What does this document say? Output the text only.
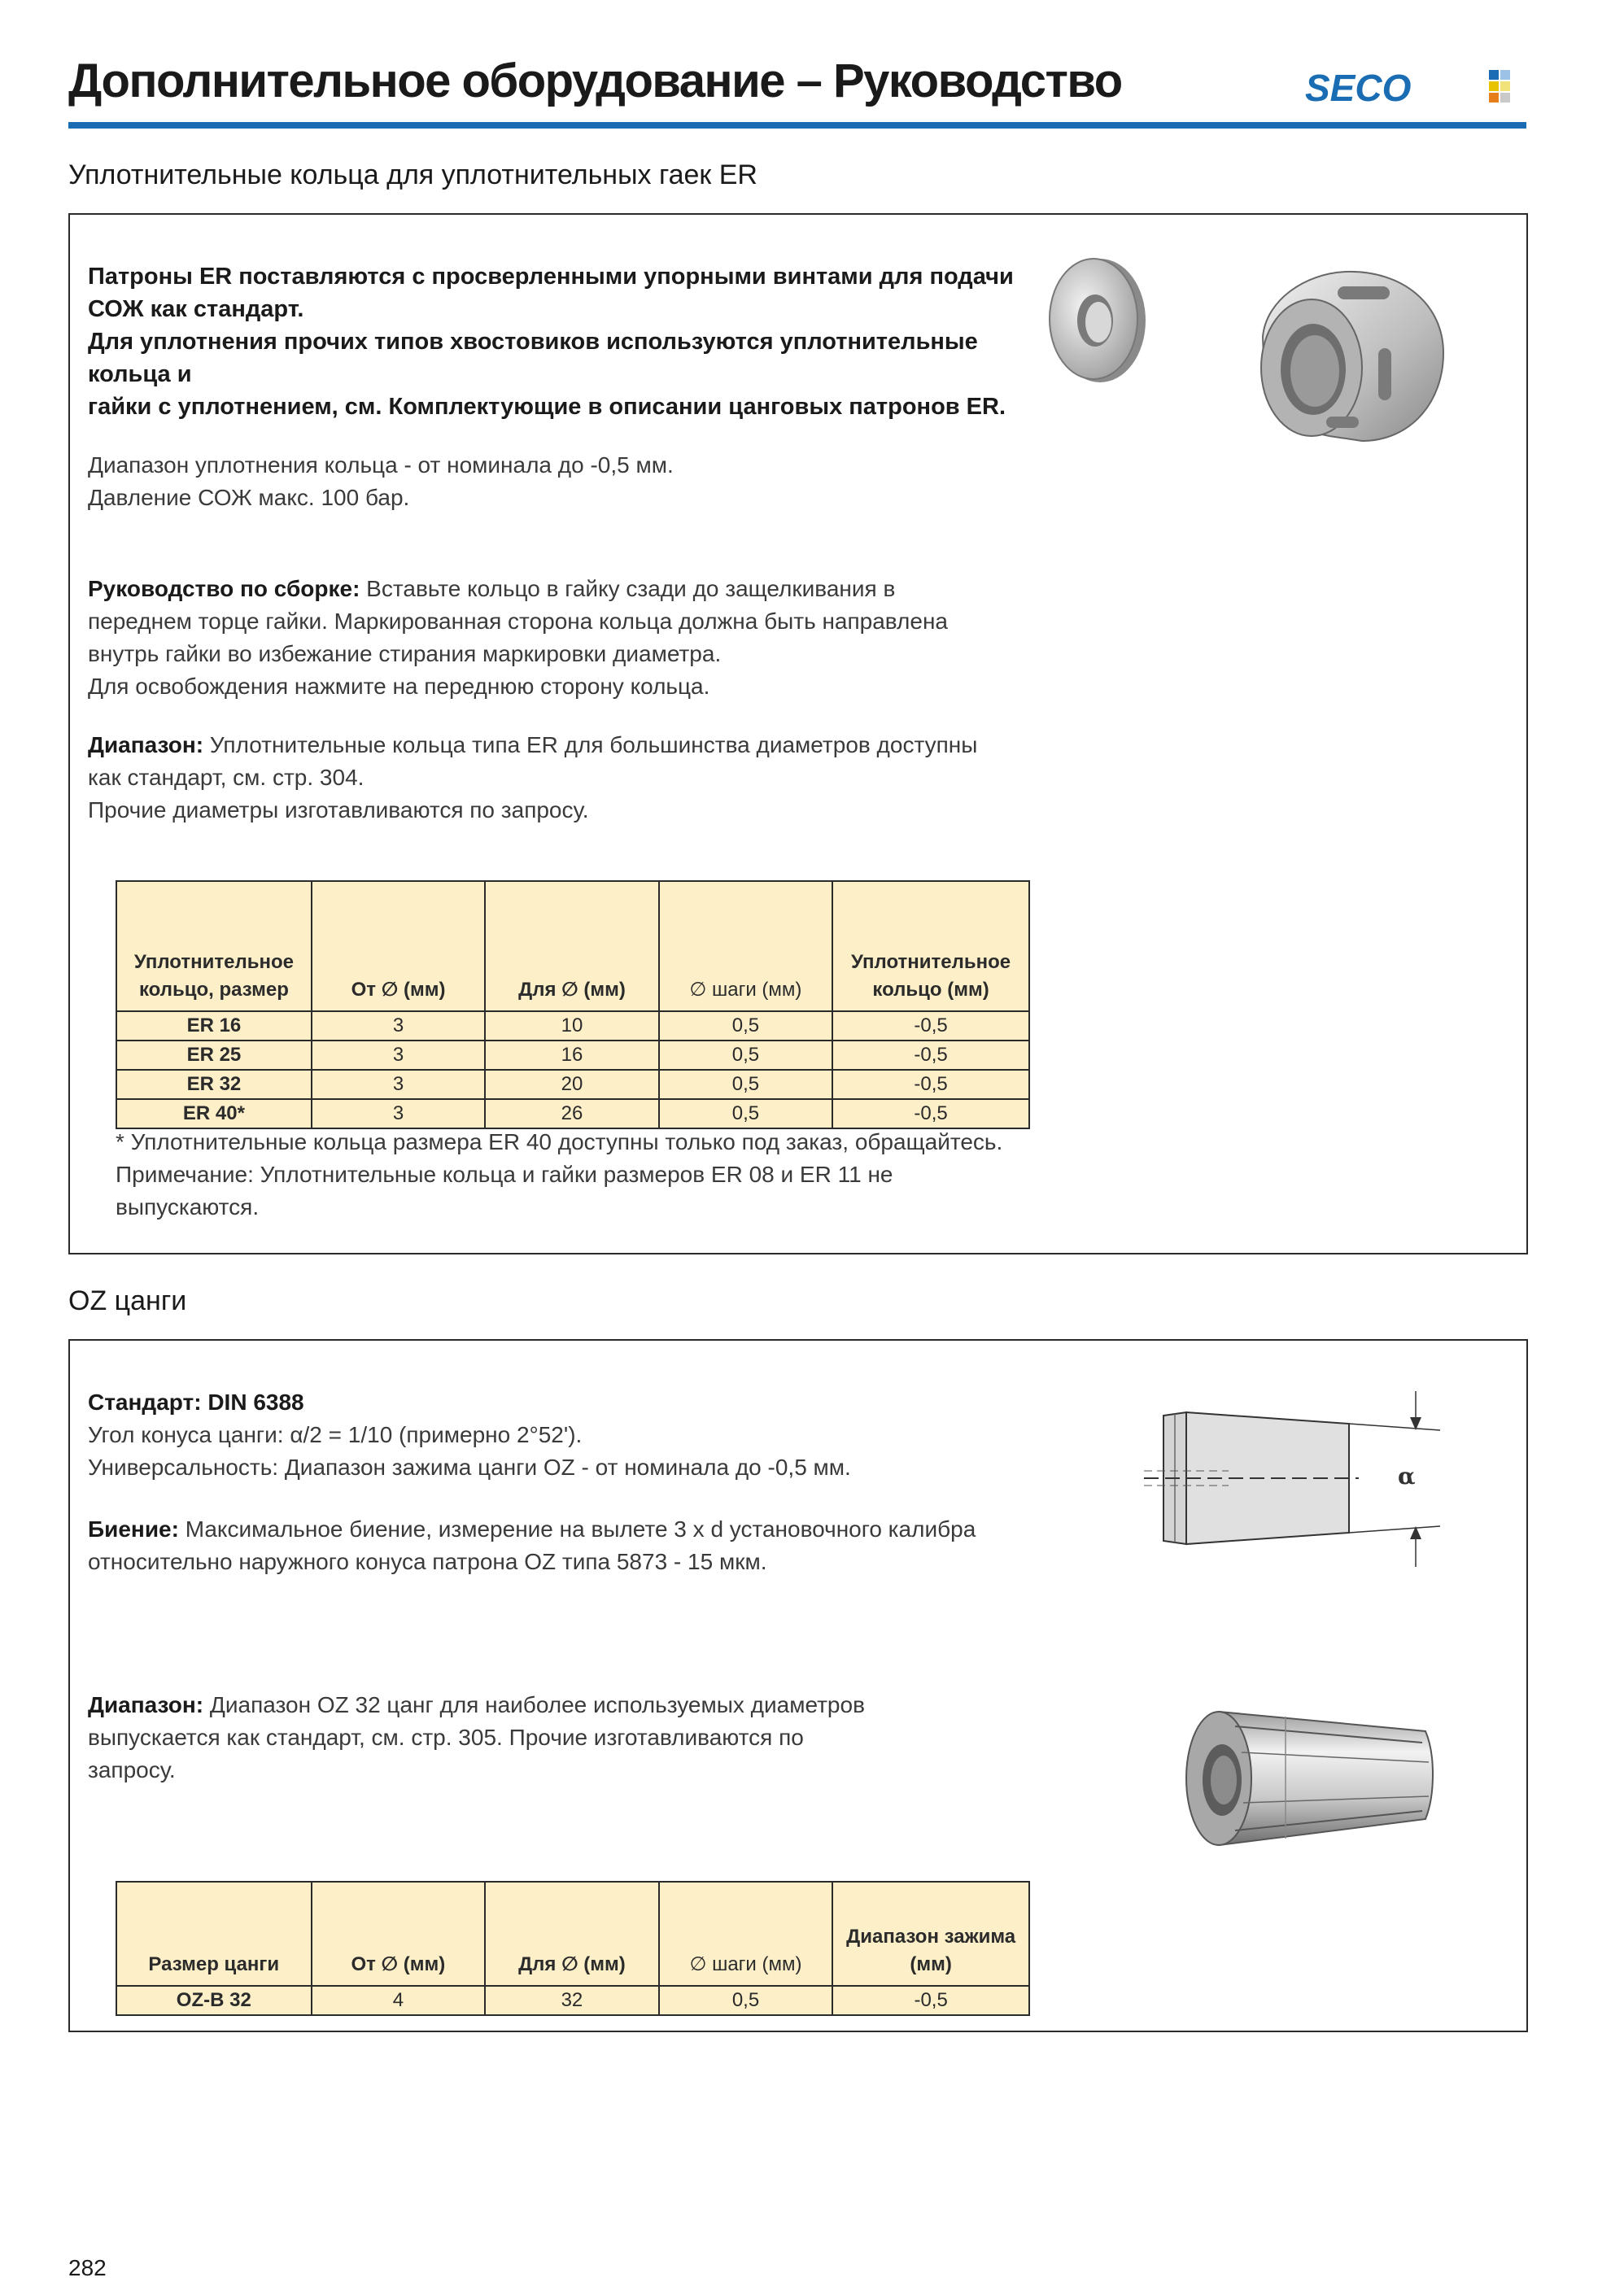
Дополнительное оборудование – Руководство	SECO
Уплотнительные кольца для уплотнительных гаек ER
Патроны ER поставляются с просверленными упорными винтами для подачи
СОЖ как стандарт.
Для уплотнения прочих типов хвостовиков используются уплотнительные
кольца и
гайки с уплотнением, см. Комплектующие в описании цанговых патронов ER.
Диапазон уплотнения кольца - от номинала до -0,5 мм.
Давление СОЖ макс. 100 бар.
Руководство по сборке: Вставьте кольцо в гайку сзади до защелкивания в
переднем торце гайки. Маркированная сторона кольца должна быть направлена
внутрь гайки во избежание стирания маркировки диаметра.
Для освобождения нажмите на переднюю сторону кольца.
Диапазон: Уплотнительные кольца типа ER для большинства диаметров доступны
как стандарт, см. стр. 304.
Прочие диаметры изготавливаются по запросу.
Уплотнительное кольцо, размер	От ∅ (мм)	Для ∅ (мм)	∅ шаги (мм)	Уплотнительное кольцо (мм)
ER 16	3	10	0,5	-0,5
ER 25	3	16	0,5	-0,5
ER 32	3	20	0,5	-0,5
ER 40*	3	26	0,5	-0,5
* Уплотнительные кольца размера ER 40 доступны только под заказ, обращайтесь.
Примечание: Уплотнительные кольца и гайки размеров ER 08 и ER 11 не
выпускаются.
OZ цанги
Стандарт: DIN 6388
Угол конуса цанги: α/2 = 1/10 (примерно 2°52').
Универсальность: Диапазон зажима цанги OZ - от номинала до -0,5 мм.
Биение: Максимальное биение, измерение на вылете 3 x d установочного калибра
относительно наружного конуса патрона OZ типа 5873 - 15 мкм.
Диапазон: Диапазон OZ 32 цанг для наиболее используемых диаметров
выпускается как стандарт, см. стр. 305. Прочие изготавливаются по
запросу.
α
Размер цанги	От ∅ (мм)	Для ∅ (мм)	∅ шаги (мм)	Диапазон зажима (мм)
OZ-B 32	4	32	0,5	-0,5
282
